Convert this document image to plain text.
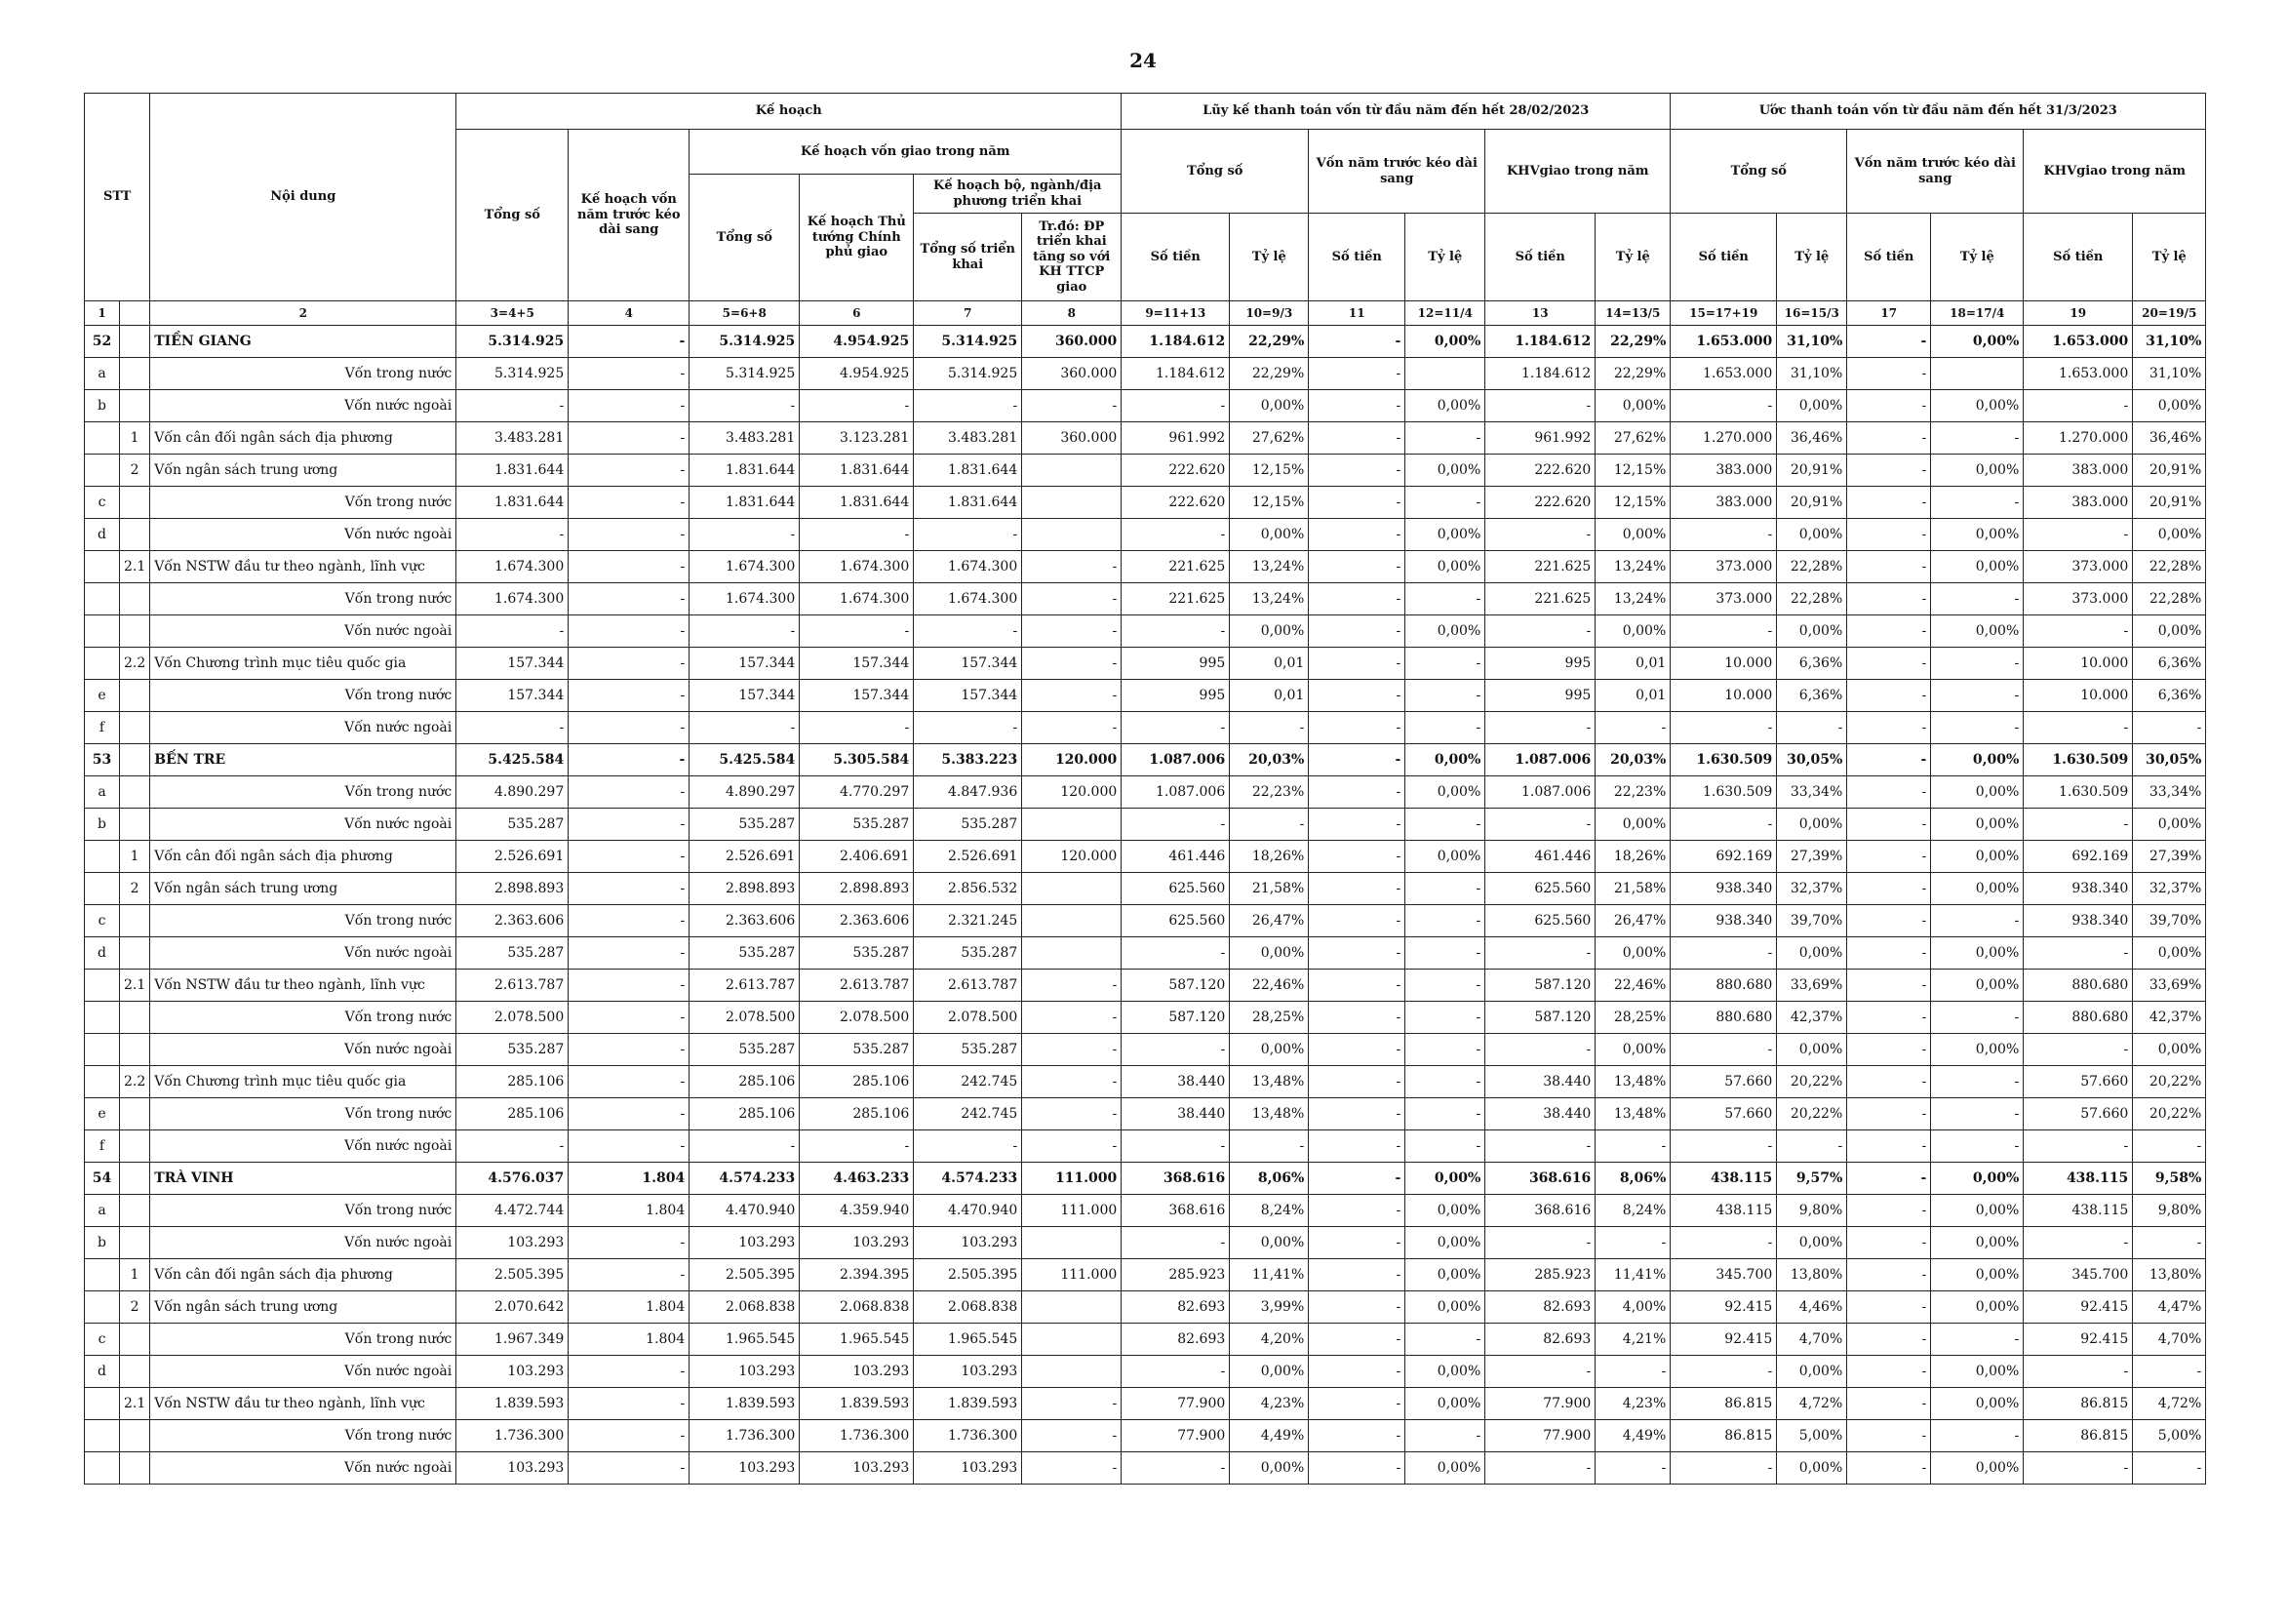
24
STT		Nội dung	Kế hoạch						Lũy kế thanh toán vốn từ đầu năm đến hết 28/02/2023						Ước thanh toán vốn từ đầu năm đến hết 31/3/2023					
			Tổng số	Kế hoạch vốn năm trước kéo dài sang	Kế hoạch vốn giao trong năm				Tổng số		Vốn năm trước kéo dài sang		KHVgiao trong năm		Tổng số		Vốn năm trước kéo dài sang		KHVgiao trong năm	
					Tổng số	Kế hoạch Thủ tướng Chính phủ giao	Kế hoạch bộ, ngành/địa phương triển khai													
							Tổng số triển khai	Tr.đó: ĐP triển khai tăng so với KH TTCP giao	Số tiền	Tỷ lệ	Số tiền	Tỷ lệ	Số tiền	Tỷ lệ	Số tiền	Tỷ lệ	Số tiền	Tỷ lệ	Số tiền	Tỷ lệ
1		2	3=4+5	4	5=6+8	6	7	8	9=11+13	10=9/3	11	12=11/4	13	14=13/5	15=17+19	16=15/3	17	18=17/4	19	20=19/5
52		TIỀN GIANG	5.314.925	-	5.314.925	4.954.925	5.314.925	360.000	1.184.612	22,29%	-	0,00%	1.184.612	22,29%	1.653.000	31,10%	-	0,00%	1.653.000	31,10%
a		Vốn trong nước	5.314.925	-	5.314.925	4.954.925	5.314.925	360.000	1.184.612	22,29%	-		1.184.612	22,29%	1.653.000	31,10%	-		1.653.000	31,10%
b		Vốn nước ngoài	-	-	-	-	-	-	-	0,00%	-	0,00%	-	0,00%	-	0,00%	-	0,00%	-	0,00%
	1	Vốn cân đối ngân sách địa phương	3.483.281	-	3.483.281	3.123.281	3.483.281	360.000	961.992	27,62%	-	-	961.992	27,62%	1.270.000	36,46%	-	-	1.270.000	36,46%
	2	Vốn ngân sách trung ương	1.831.644	-	1.831.644	1.831.644	1.831.644		222.620	12,15%	-	0,00%	222.620	12,15%	383.000	20,91%	-	0,00%	383.000	20,91%
c		Vốn trong nước	1.831.644	-	1.831.644	1.831.644	1.831.644		222.620	12,15%	-	-	222.620	12,15%	383.000	20,91%	-	-	383.000	20,91%
d		Vốn nước ngoài	-	-	-	-	-		-	0,00%	-	0,00%	-	0,00%	-	0,00%	-	0,00%	-	0,00%
	2.1	Vốn NSTW đầu tư theo ngành, lĩnh vực	1.674.300	-	1.674.300	1.674.300	1.674.300	-	221.625	13,24%	-	0,00%	221.625	13,24%	373.000	22,28%	-	0,00%	373.000	22,28%
		Vốn trong nước	1.674.300	-	1.674.300	1.674.300	1.674.300	-	221.625	13,24%	-	-	221.625	13,24%	373.000	22,28%	-	-	373.000	22,28%
		Vốn nước ngoài	-	-	-	-	-	-	-	0,00%	-	0,00%	-	0,00%	-	0,00%	-	0,00%	-	0,00%
	2.2	Vốn Chương trình mục tiêu quốc gia	157.344	-	157.344	157.344	157.344	-	995	0,01	-	-	995	0,01	10.000	6,36%	-	-	10.000	6,36%
e		Vốn trong nước	157.344	-	157.344	157.344	157.344	-	995	0,01	-	-	995	0,01	10.000	6,36%	-	-	10.000	6,36%
f		Vốn nước ngoài	-	-	-	-	-	-	-	-	-	-	-	-	-	-	-	-	-	-
53		BẾN TRE	5.425.584	-	5.425.584	5.305.584	5.383.223	120.000	1.087.006	20,03%	-	0,00%	1.087.006	20,03%	1.630.509	30,05%	-	0,00%	1.630.509	30,05%
a		Vốn trong nước	4.890.297	-	4.890.297	4.770.297	4.847.936	120.000	1.087.006	22,23%	-	0,00%	1.087.006	22,23%	1.630.509	33,34%	-	0,00%	1.630.509	33,34%
b		Vốn nước ngoài	535.287	-	535.287	535.287	535.287		-	-	-	-	-	0,00%	-	0,00%	-	0,00%	-	0,00%
	1	Vốn cân đối ngân sách địa phương	2.526.691	-	2.526.691	2.406.691	2.526.691	120.000	461.446	18,26%	-	0,00%	461.446	18,26%	692.169	27,39%	-	0,00%	692.169	27,39%
	2	Vốn ngân sách trung ương	2.898.893	-	2.898.893	2.898.893	2.856.532		625.560	21,58%	-	-	625.560	21,58%	938.340	32,37%	-	0,00%	938.340	32,37%
c		Vốn trong nước	2.363.606	-	2.363.606	2.363.606	2.321.245		625.560	26,47%	-	-	625.560	26,47%	938.340	39,70%	-	-	938.340	39,70%
d		Vốn nước ngoài	535.287	-	535.287	535.287	535.287		-	0,00%	-	-	-	0,00%	-	0,00%	-	0,00%	-	0,00%
	2.1	Vốn NSTW đầu tư theo ngành, lĩnh vực	2.613.787	-	2.613.787	2.613.787	2.613.787	-	587.120	22,46%	-	-	587.120	22,46%	880.680	33,69%	-	0,00%	880.680	33,69%
		Vốn trong nước	2.078.500	-	2.078.500	2.078.500	2.078.500	-	587.120	28,25%	-	-	587.120	28,25%	880.680	42,37%	-	-	880.680	42,37%
		Vốn nước ngoài	535.287	-	535.287	535.287	535.287	-	-	0,00%	-	-	-	0,00%	-	0,00%	-	0,00%	-	0,00%
	2.2	Vốn Chương trình mục tiêu quốc gia	285.106	-	285.106	285.106	242.745	-	38.440	13,48%	-	-	38.440	13,48%	57.660	20,22%	-	-	57.660	20,22%
e		Vốn trong nước	285.106	-	285.106	285.106	242.745	-	38.440	13,48%	-	-	38.440	13,48%	57.660	20,22%	-	-	57.660	20,22%
f		Vốn nước ngoài	-	-	-	-	-	-	-	-	-	-	-	-	-	-	-	-	-	-
54		TRÀ VINH	4.576.037	1.804	4.574.233	4.463.233	4.574.233	111.000	368.616	8,06%	-	0,00%	368.616	8,06%	438.115	9,57%	-	0,00%	438.115	9,58%
a		Vốn trong nước	4.472.744	1.804	4.470.940	4.359.940	4.470.940	111.000	368.616	8,24%	-	0,00%	368.616	8,24%	438.115	9,80%	-	0,00%	438.115	9,80%
b		Vốn nước ngoài	103.293	-	103.293	103.293	103.293		-	0,00%	-	0,00%	-	-	-	0,00%	-	0,00%	-	-
	1	Vốn cân đối ngân sách địa phương	2.505.395	-	2.505.395	2.394.395	2.505.395	111.000	285.923	11,41%	-	0,00%	285.923	11,41%	345.700	13,80%	-	0,00%	345.700	13,80%
	2	Vốn ngân sách trung ương	2.070.642	1.804	2.068.838	2.068.838	2.068.838		82.693	3,99%	-	0,00%	82.693	4,00%	92.415	4,46%	-	0,00%	92.415	4,47%
c		Vốn trong nước	1.967.349	1.804	1.965.545	1.965.545	1.965.545		82.693	4,20%	-	-	82.693	4,21%	92.415	4,70%	-	-	92.415	4,70%
d		Vốn nước ngoài	103.293	-	103.293	103.293	103.293		-	0,00%	-	0,00%	-	-	-	0,00%	-	0,00%	-	-
	2.1	Vốn NSTW đầu tư theo ngành, lĩnh vực	1.839.593	-	1.839.593	1.839.593	1.839.593	-	77.900	4,23%	-	0,00%	77.900	4,23%	86.815	4,72%	-	0,00%	86.815	4,72%
		Vốn trong nước	1.736.300	-	1.736.300	1.736.300	1.736.300	-	77.900	4,49%	-	-	77.900	4,49%	86.815	5,00%	-	-	86.815	5,00%
		Vốn nước ngoài	103.293	-	103.293	103.293	103.293	-	-	0,00%	-	0,00%	-	-	-	0,00%	-	0,00%	-	-
